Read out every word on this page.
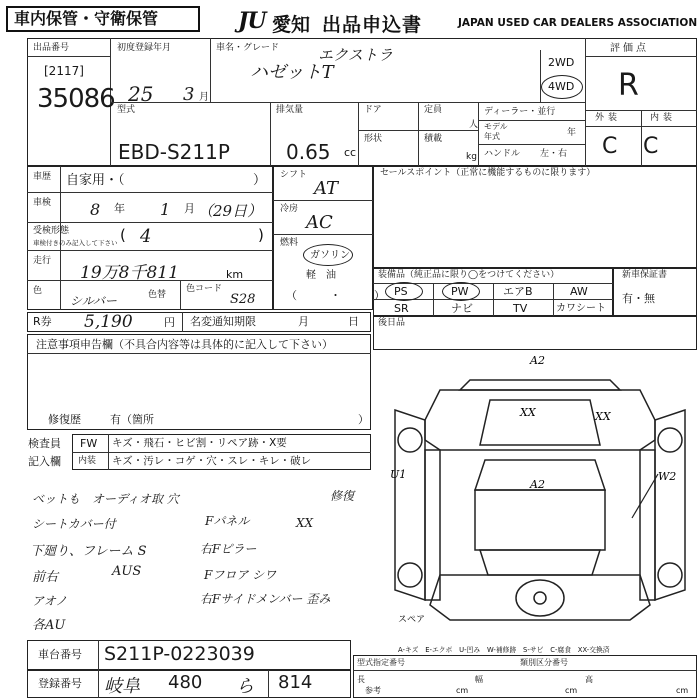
車内保管・守衛保管	JU 愛知 出品申込書	JAPAN USED CAR DEALERS ASSOCIATION
出品番号
[2117]
35086
初度登録年月
25 3 月
車名・グレード	エクストラ
ハゼットT	2WD
4WD
評価点
R
外装	内装
C C
型式
EBD-S211P
排気量
0.65 cc
ドア
形状
定員
人
積載
kg
ディーラー・並行
モデル
年式	年
ハンドル 左・右
車歴 自家用・（	）
車検 8 年 1 月 （29日）
受検形態
車検付きのみ記入して下さい 4
(	)
走行
19万8千811	km
色
シルバー	色替
色コード
S28
シフト
AT
冷房
AC
燃料
ガソリン
軽　油
（　　　・　　　）
セールスポイント（正常に機能するものに限ります）
装備品（純正品に限り◯をつけてください）
PS	PW	エアB	AW
SR	ナビ	TV	カワシート
新車保証書
有・無
R券 5,190	円 名変通知期限	月	日 後日品
注意事項申告欄（不具合内容等は具体的に記入して下さい）
修復歴	有（箇所	）
検査員
記入欄
FW キズ・飛石・ヒビ割・リペア跡・X要
内装 キズ・汚レ・コゲ・穴・スレ・キレ・破レ
ベットも　オーディオ取 穴	修復
シートカバー付	Fパネル	XX
下廻り、フレーム S	右Fピラー
前右	AUS	Fフロア シワ
アオノ	右Fサイドメンバー 歪み
各AU
A2
XX	XX
A2
U1	W2
スペア
A-キズ　E-エクボ　U-凹み　W-補修跡　S-サビ　C-腐食　XX-交換済
車台番号 S211P-0223039
登録番号 岐阜 480 ら 814
型式指定番号	類別区分番号
長	幅	高
cm	cm	cm
参考
